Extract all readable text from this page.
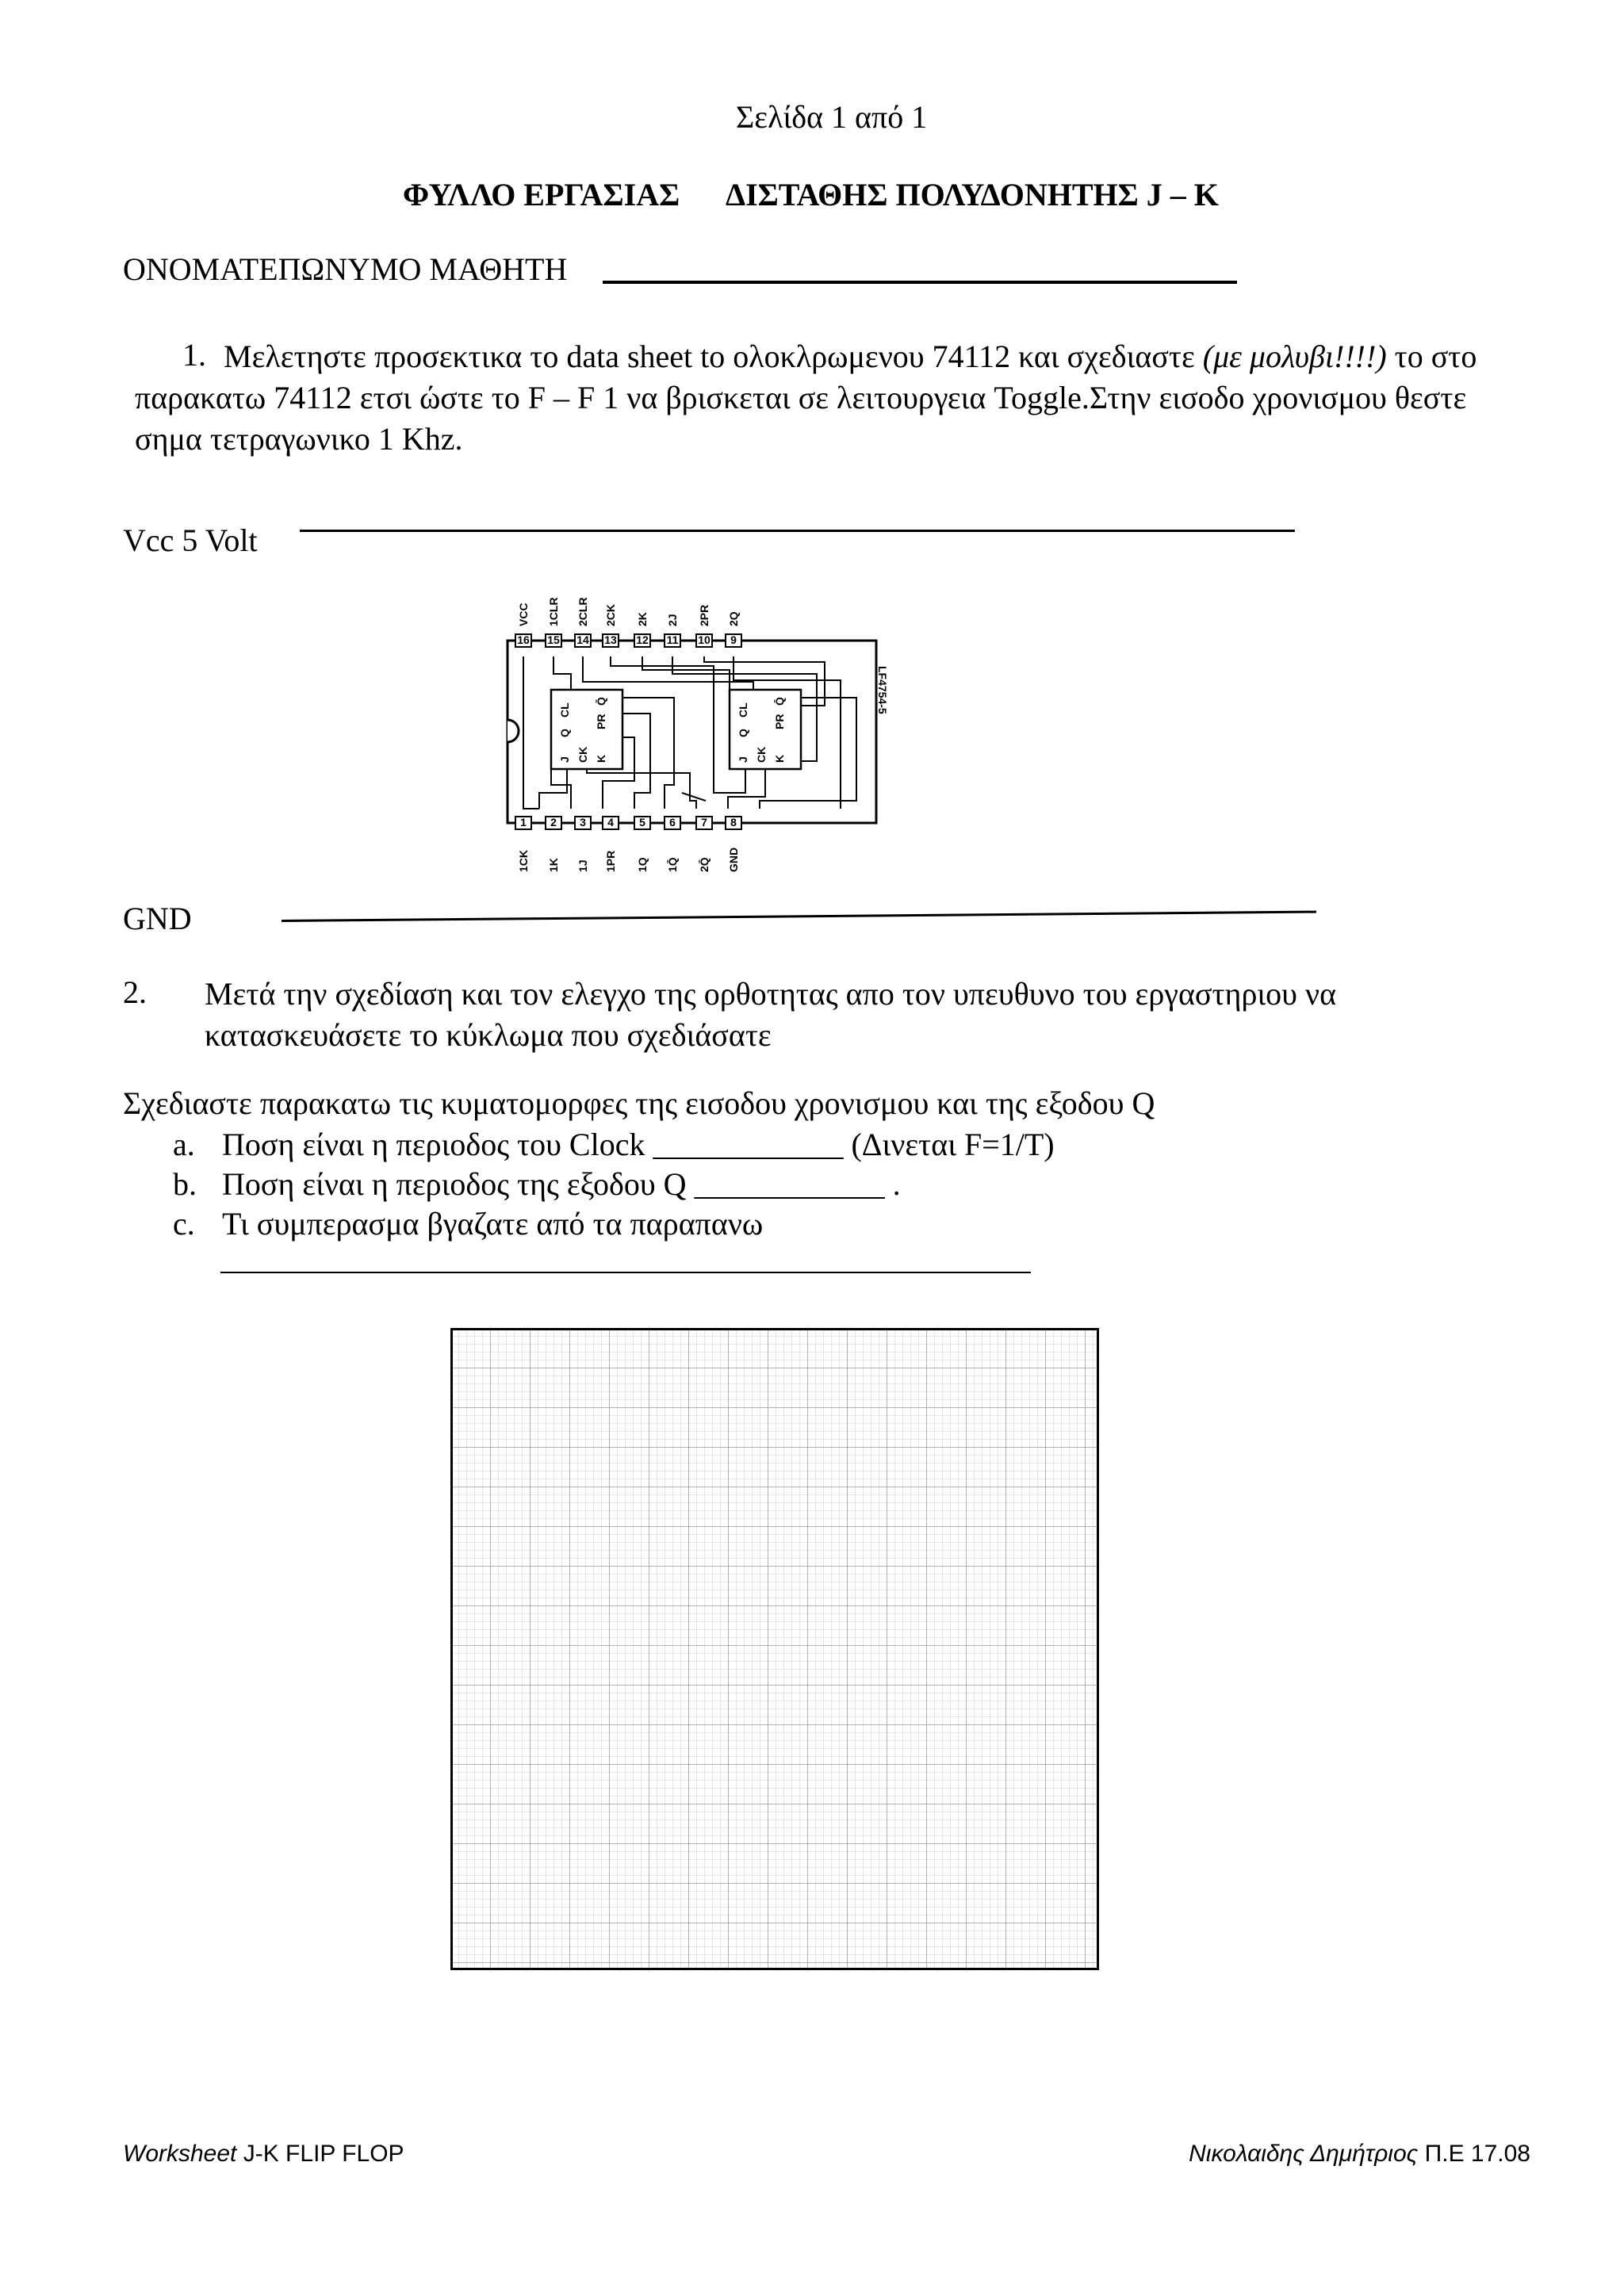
Σελίδα 1 από 1
ΦΥΛΛΟ ΕΡΓΑΣΙΑΣ ΔΙΣΤΑΘΗΣ ΠΟΛΥΔΟΝΗΤΗΣ J – K
ΟΝΟΜΑΤΕΠΩΝΥΜΟ ΜΑΘΗΤΗ
1. Μελετηστε προσεκτικα το data sheet to ολοκλρωμενου 74112 και σχεδιαστε (με μολυβι!!!!) το στο παρακατω 74112 ετσι ώστε το F – F 1 να βρισκεται σε λειτουργεια Toggle.Στην εισοδο χρονισμου θεστε σημα τετραγωνικο 1 Khz.
Vcc 5 Volt
VCC 1CLR 2CLR 2CK 2K 2J 2PR 2Q
16 15 14 13 12 11 10 9
1 2 3 4 5 6 7 8
CL
Q
J CK K
PR
Q̄
CL
Q
J CK K
PR
Q̄	LF4754-5
1CK 1K 1J 1PR 1Q 1Q̄ 2Q̄ GND
GND
2. Μετά την σχεδίαση και τον ελεγχο της ορθοτητας απο τον υπευθυνο του εργαστηριου να κατασκευάσετε το κύκλωμα που σχεδιάσατε
Σχεδιαστε παρακατω τις κυματομορφες της εισοδου χρονισμου και της εξοδου Q
a. Ποση είναι η περιοδος του Clock ____________ (Δινεται F=1/T)
b. Ποση είναι η περιοδος της εξοδου Q ____________ .
c. Τι συμπερασμα βγαζατε από τα παραπανω
Worksheet J-K FLIP FLOP	Νικολαιδης Δημήτριος Π.Ε 17.08
